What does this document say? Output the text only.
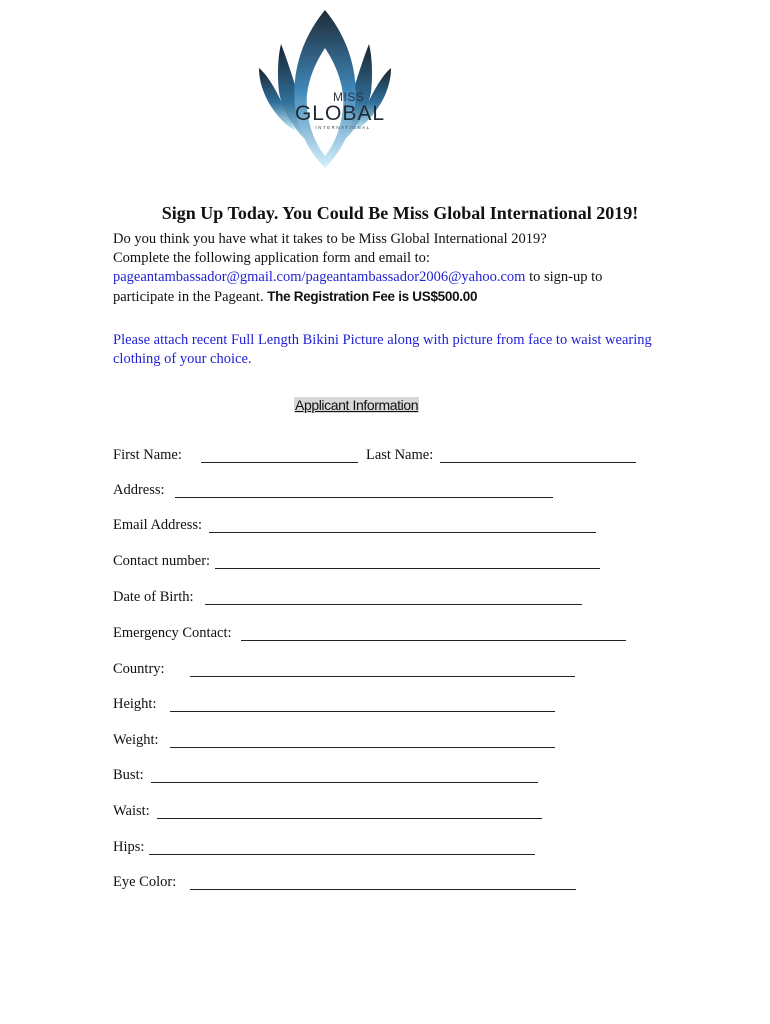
MISS
GLOBAL
INTERNATIONAL
Sign Up Today. You Could Be Miss Global International 2019!
Do you think you have what it takes to be Miss Global International 2019?
Complete the following application form and email to:
pageantambassador@gmail.com/pageantambassador2006@yahoo.com to sign-up to
participate in the Pageant. The Registration Fee is US$500.00
Please attach recent Full Length Bikini Picture along with picture from face to waist wearing clothing of your choice.
Applicant Information
First Name:	Last Name:
Address:
Email Address:
Contact number:
Date of Birth:
Emergency Contact:
Country:
Height:
Weight:
Bust:
Waist:
Hips:
Eye Color:
